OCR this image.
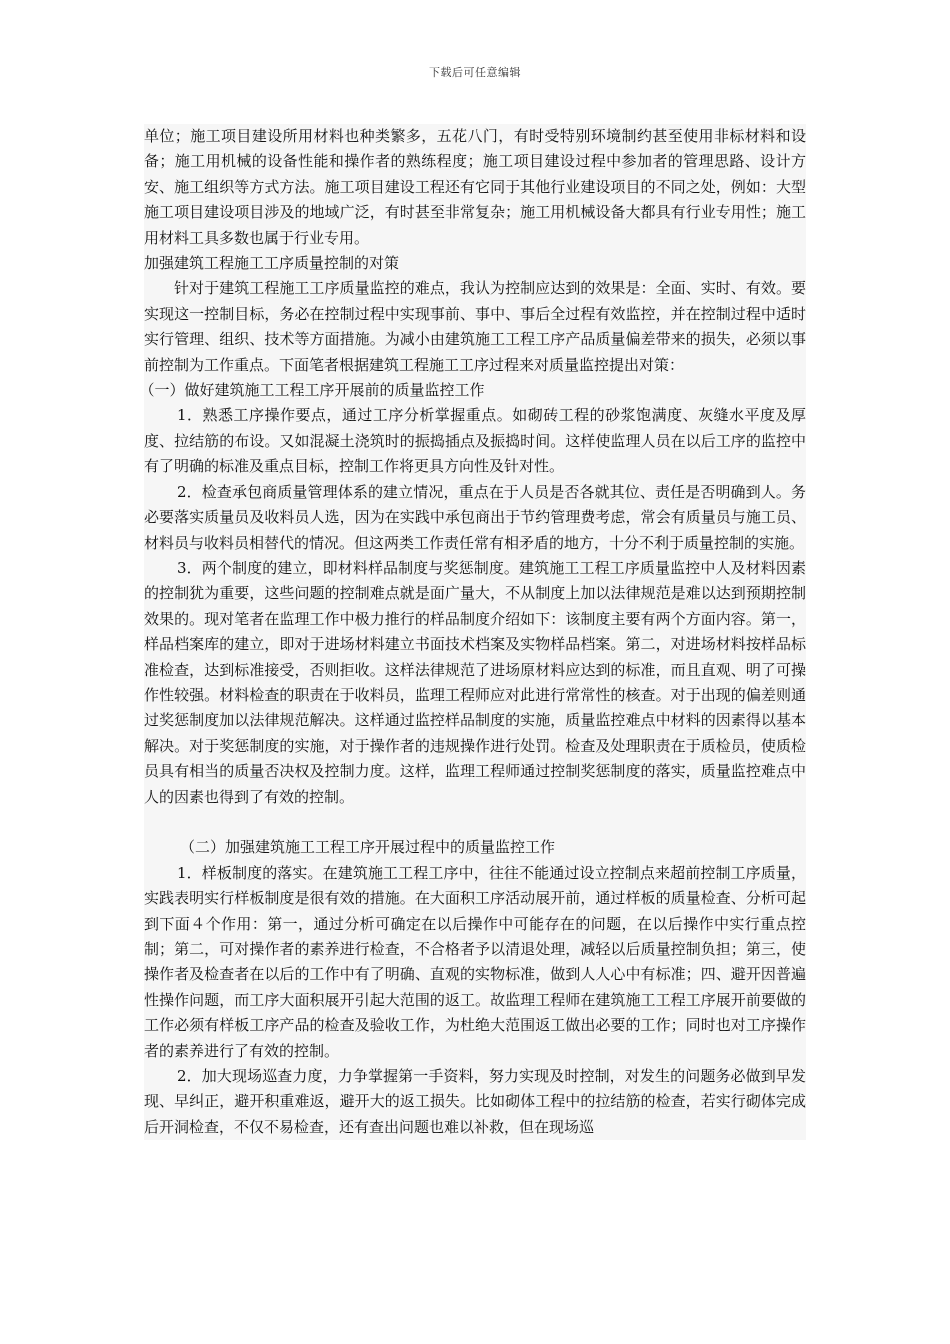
下载后可任意编辑

单位；施工项目建设所用材料也种类繁多，五花八门，有时受特别环境制约甚至使用非标材料和设备；施工用机械的设备性能和操作者的熟练程度；施工项目建设过程中参加者的管理思路、设计方安、施工组织等方式方法。施工项目建设工程还有它同于其他行业建设项目的不同之处，例如：大型施工项目建设项目涉及的地域广泛，有时甚至非常复杂；施工用机械设备大都具有行业专用性；施工用材料工具多数也属于行业专用。

加强建筑工程施工工序质量控制的对策

针对于建筑工程施工工序质量监控的难点，我认为控制应达到的效果是：全面、实时、有效。要实现这一控制目标，务必在控制过程中实现事前、事中、事后全过程有效监控，并在控制过程中适时实行管理、组织、技术等方面措施。为减小由建筑施工工程工序产品质量偏差带来的损失，必须以事前控制为工作重点。下面笔者根据建筑工程施工工序过程来对质量监控提出对策：

（一）做好建筑施工工程工序开展前的质量监控工作

1．熟悉工序操作要点，通过工序分析掌握重点。如砌砖工程的砂浆饱满度、灰缝水平度及厚度、拉结筋的布设。又如混凝土浇筑时的振捣插点及振捣时间。这样使监理人员在以后工序的监控中有了明确的标准及重点目标，控制工作将更具方向性及针对性。

2．检查承包商质量管理体系的建立情况，重点在于人员是否各就其位、责任是否明确到人。务必要落实质量员及收料员人选，因为在实践中承包商出于节约管理费考虑，常会有质量员与施工员、材料员与收料员相替代的情况。但这两类工作责任常有相矛盾的地方，十分不利于质量控制的实施。

3．两个制度的建立，即材料样品制度与奖惩制度。建筑施工工程工序质量监控中人及材料因素的控制犹为重要，这些问题的控制难点就是面广量大，不从制度上加以法律规范是难以达到预期控制效果的。现对笔者在监理工作中极力推行的样品制度介绍如下：该制度主要有两个方面内容。第一，样品档案库的建立，即对于进场材料建立书面技术档案及实物样品档案。第二，对进场材料按样品标准检查，达到标准接受，否则拒收。这样法律规范了进场原材料应达到的标准，而且直观、明了可操作性较强。材料检查的职责在于收料员，监理工程师应对此进行常常性的核查。对于出现的偏差则通过奖惩制度加以法律规范解决。这样通过监控样品制度的实施，质量监控难点中材料的因素得以基本解决。对于奖惩制度的实施，对于操作者的违规操作进行处罚。检查及处理职责在于质检员，使质检员具有相当的质量否决权及控制力度。这样，监理工程师通过控制奖惩制度的落实，质量监控难点中人的因素也得到了有效的控制。

（二）加强建筑施工工程工序开展过程中的质量监控工作

1．样板制度的落实。在建筑施工工程工序中，往往不能通过设立控制点来超前控制工序质量，实践表明实行样板制度是很有效的措施。在大面积工序活动展开前，通过样板的质量检查、分析可起到下面４个作用：第一，通过分析可确定在以后操作中可能存在的问题，在以后操作中实行重点控制；第二，可对操作者的素养进行检查，不合格者予以清退处理，减轻以后质量控制负担；第三，使操作者及检查者在以后的工作中有了明确、直观的实物标准，做到人人心中有标准；四、避开因普遍性操作问题，而工序大面积展开引起大范围的返工。故监理工程师在建筑施工工程工序展开前要做的工作必须有样板工序产品的检查及验收工作，为杜绝大范围返工做出必要的工作；同时也对工序操作者的素养进行了有效的控制。

2．加大现场巡查力度，力争掌握第一手资料，努力实现及时控制，对发生的问题务必做到早发现、早纠正，避开积重难返，避开大的返工损失。比如砌体工程中的拉结筋的检查，若实行砌体完成后开洞检查，不仅不易检查，还有查出问题也难以补救，但在现场巡
